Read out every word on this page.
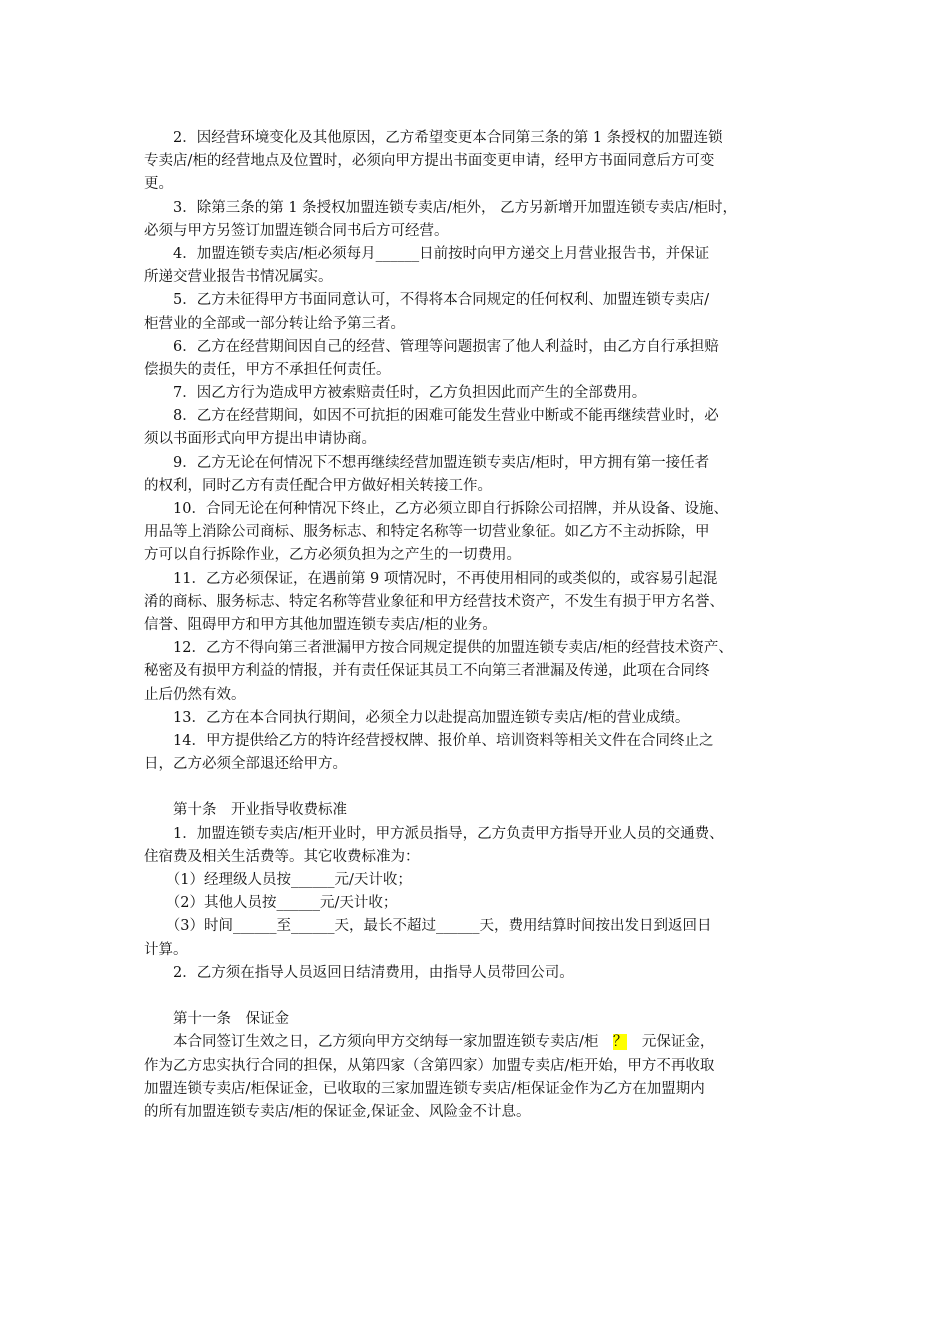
　　2．因经营环境变化及其他原因，乙方希望变更本合同第三条的第 1 条授权的加盟连锁
专卖店/柜的经营地点及位置时，必须向甲方提出书面变更申请，经甲方书面同意后方可变
更。
　　3．除第三条的第 1 条授权加盟连锁专卖店/柜外， 乙方另新增开加盟连锁专卖店/柜时，
必须与甲方另签订加盟连锁合同书后方可经营。
　　4．加盟连锁专卖店/柜必须每月______日前按时向甲方递交上月营业报告书，并保证
所递交营业报告书情况属实。
　　5．乙方未征得甲方书面同意认可，不得将本合同规定的任何权利、加盟连锁专卖店/
柜营业的全部或一部分转让给予第三者。
　　6．乙方在经营期间因自己的经营、管理等问题损害了他人利益时，由乙方自行承担赔
偿损失的责任，甲方不承担任何责任。
　　7．因乙方行为造成甲方被索赔责任时，乙方负担因此而产生的全部费用。
　　8．乙方在经营期间，如因不可抗拒的困难可能发生营业中断或不能再继续营业时，必
须以书面形式向甲方提出申请协商。
　　9．乙方无论在何情况下不想再继续经营加盟连锁专卖店/柜时，甲方拥有第一接任者
的权利，同时乙方有责任配合甲方做好相关转接工作。
　　10．合同无论在何种情况下终止，乙方必须立即自行拆除公司招牌，并从设备、设施、
用品等上消除公司商标、服务标志、和特定名称等一切营业象征。如乙方不主动拆除，甲
方可以自行拆除作业，乙方必须负担为之产生的一切费用。
　　11．乙方必须保证，在遇前第 9 项情况时，不再使用相同的或类似的，或容易引起混
淆的商标、服务标志、特定名称等营业象征和甲方经营技术资产，不发生有损于甲方名誉、
信誉、阻碍甲方和甲方其他加盟连锁专卖店/柜的业务。
　　12．乙方不得向第三者泄漏甲方按合同规定提供的加盟连锁专卖店/柜的经营技术资产、
秘密及有损甲方利益的情报，并有责任保证其员工不向第三者泄漏及传递，此项在合同终
止后仍然有效。
　　13．乙方在本合同执行期间，必须全力以赴提高加盟连锁专卖店/柜的营业成绩。
　　14．甲方提供给乙方的特许经营授权牌、报价单、培训资料等相关文件在合同终止之
日，乙方必须全部退还给甲方。
　　第十条　开业指导收费标准
　　1．加盟连锁专卖店/柜开业时，甲方派员指导，乙方负责甲方指导开业人员的交通费、
住宿费及相关生活费等。其它收费标准为：
　　（1）经理级人员按______元/天计收；
　　（2）其他人员按______元/天计收；
　　（3）时间______至______天，最长不超过______天，费用结算时间按出发日到返回日
计算。
　　2．乙方须在指导人员返回日结清费用，由指导人员带回公司。
　　第十一条　保证金
　　本合同签订生效之日，乙方须向甲方交纳每一家加盟连锁专卖店/柜　？　元保证金，
作为乙方忠实执行合同的担保，从第四家（含第四家）加盟专卖店/柜开始，甲方不再收取
加盟连锁专卖店/柜保证金，已收取的三家加盟连锁专卖店/柜保证金作为乙方在加盟期内
的所有加盟连锁专卖店/柜的保证金,保证金、风险金不计息。
